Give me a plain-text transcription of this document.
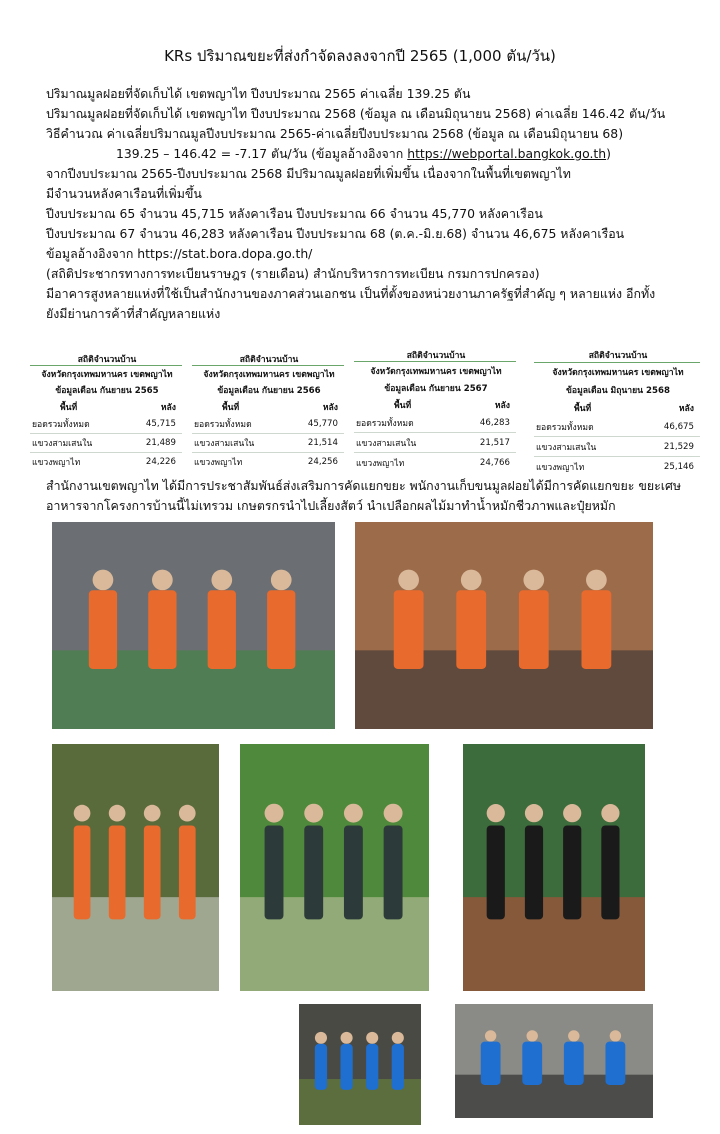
KRs ปริมาณขยะที่ส่งกำจัดลงลงจากปี 2565 (1,000 ตัน/วัน)
ปริมาณมูลฝอยที่จัดเก็บได้ เขตพญาไท ปีงบประมาณ 2565 ค่าเฉลี่ย 139.25 ตัน
ปริมาณมูลฝอยที่จัดเก็บได้ เขตพญาไท ปีงบประมาณ 2568 (ข้อมูล ณ เดือนมิถุนายน 2568) ค่าเฉลี่ย 146.42 ตัน/วัน
วิธีคำนวณ ค่าเฉลี่ยปริมาณมูลปีงบประมาณ 2565-ค่าเฉลี่ยปีงบประมาณ 2568 (ข้อมูล ณ เดือนมิถุนายน 68)
139.25 – 146.42 = -7.17 ตัน/วัน (ข้อมูลอ้างอิงจาก https://webportal.bangkok.go.th)
จากปีงบประมาณ 2565-ปีงบประมาณ 2568 มีปริมาณมูลฝอยที่เพิ่มขึ้น เนื่องจากในพื้นที่เขตพญาไท
มีจำนวนหลังคาเรือนที่เพิ่มขึ้น
ปีงบประมาณ 65 จำนวน 45,715 หลังคาเรือน ปีงบประมาณ 66 จำนวน 45,770 หลังคาเรือน
ปีงบประมาณ 67 จำนวน 46,283 หลังคาเรือน ปีงบประมาณ 68 (ต.ค.-มิ.ย.68) จำนวน 46,675 หลังคาเรือน
ข้อมูลอ้างอิงจาก https://stat.bora.dopa.go.th/
(สถิติประชากรทางการทะเบียนราษฎร (รายเดือน) สำนักบริหารการทะเบียน กรมการปกครอง)
มีอาคารสูงหลายแห่งที่ใช้เป็นสำนักงานของภาคส่วนเอกชน เป็นที่ตั้งของหน่วยงานภาครัฐที่สำคัญ ๆ หลายแห่ง อีกทั้ง
ยังมีย่านการค้าที่สำคัญหลายแห่ง
สถิติจำนวนบ้าน
จังหวัดกรุงเทพมหานคร เขตพญาไท
ข้อมูลเดือน กันยายน 2565
พื้นที่	หลัง
ยอดรวมทั้งหมด	45,715
แขวงสามเสนใน	21,489
แขวงพญาไท	24,226
สถิติจำนวนบ้าน
จังหวัดกรุงเทพมหานคร เขตพญาไท
ข้อมูลเดือน กันยายน 2566
พื้นที่	หลัง
ยอดรวมทั้งหมด	45,770
แขวงสามเสนใน	21,514
แขวงพญาไท	24,256
สถิติจำนวนบ้าน
จังหวัดกรุงเทพมหานคร เขตพญาไท
ข้อมูลเดือน กันยายน 2567
พื้นที่	หลัง
ยอดรวมทั้งหมด	46,283
แขวงสามเสนใน	21,517
แขวงพญาไท	24,766
สถิติจำนวนบ้าน
จังหวัดกรุงเทพมหานคร เขตพญาไท
ข้อมูลเดือน มิถุนายน 2568
พื้นที่	หลัง
ยอดรวมทั้งหมด	46,675
แขวงสามเสนใน	21,529
แขวงพญาไท	25,146
สำนักงานเขตพญาไท ได้มีการประชาสัมพันธ์ส่งเสริมการคัดแยกขยะ พนักงานเก็บขนมูลฝอยได้มีการคัดแยกขยะ ขยะเศษ
อาหารจากโครงการบ้านนี้ไม่เทรวม เกษตรกรนำไปเลี้ยงสัตว์ นำเปลือกผลไม้มาทำน้ำหมักชีวภาพและปุ๋ยหมัก
